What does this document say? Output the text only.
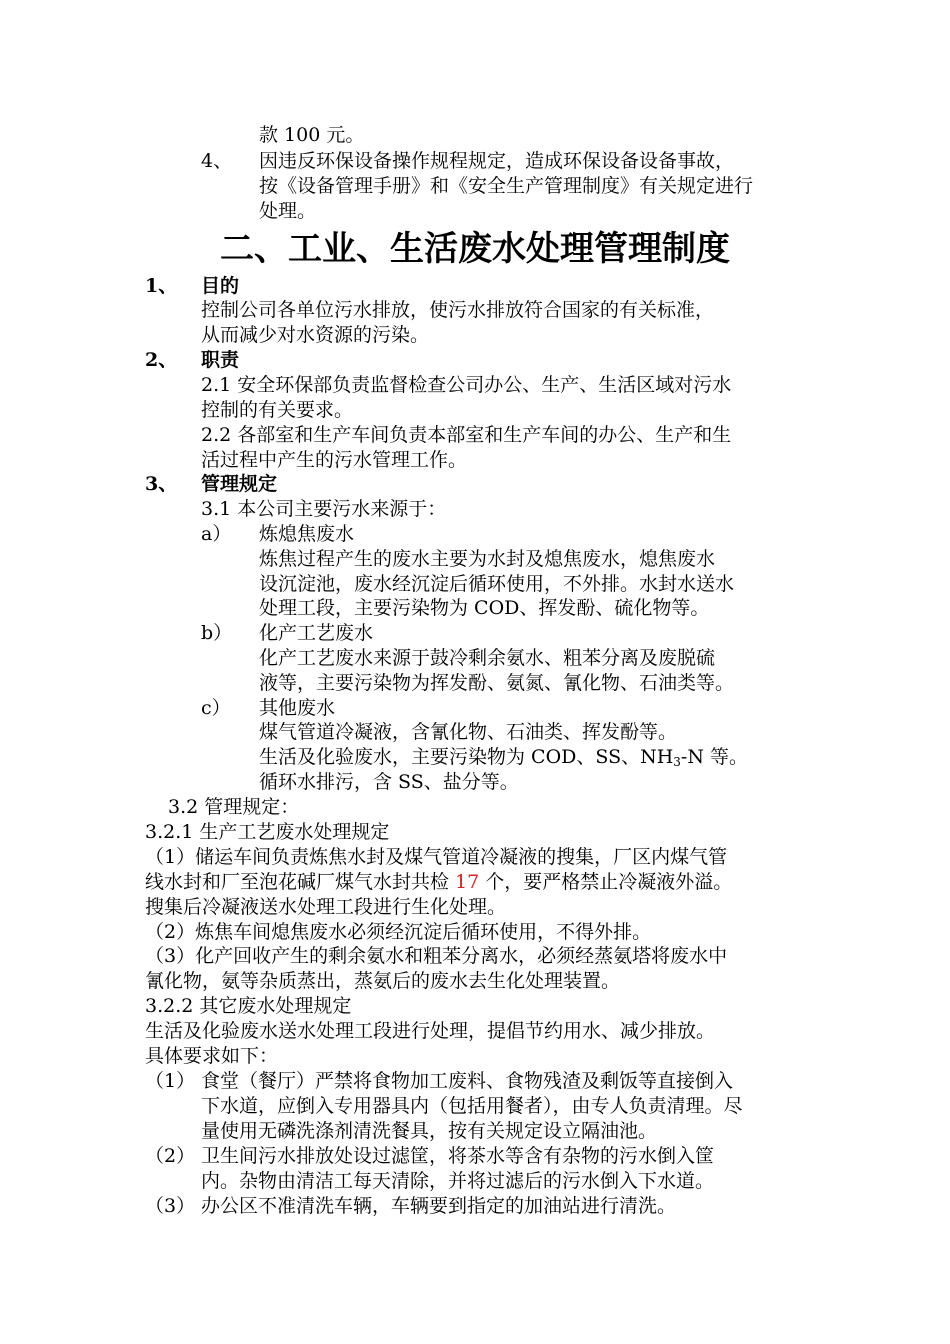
款 100 元。
4、 因违反环保设备操作规程规定，造成环保设备设备事故，
按《设备管理手册》和《安全生产管理制度》有关规定进行
处理。
二、工业、生活废水处理管理制度
1、 目的
控制公司各单位污水排放，使污水排放符合国家的有关标准，
从而减少对水资源的污染。
2、 职责
2.1 安全环保部负责监督检查公司办公、生产、生活区域对污水
控制的有关要求。
2.2 各部室和生产车间负责本部室和生产车间的办公、生产和生
活过程中产生的污水管理工作。
3、 管理规定
3.1 本公司主要污水来源于：
a） 炼熄焦废水
炼焦过程产生的废水主要为水封及熄焦废水，熄焦废水
设沉淀池，废水经沉淀后循环使用，不外排。水封水送水
处理工段，主要污染物为 COD、挥发酚、硫化物等。
b） 化产工艺废水
化产工艺废水来源于鼓冷剩余氨水、粗苯分离及废脱硫
液等，主要污染物为挥发酚、氨氮、氰化物、石油类等。
c） 其他废水
煤气管道冷凝液，含氰化物、石油类、挥发酚等。
生活及化验废水，主要污染物为 COD、SS、$NH_3-N$ 等。
循环水排污，含 SS、盐分等。
3.2 管理规定：
3.2.1 生产工艺废水处理规定
（1）储运车间负责炼焦水封及煤气管道冷凝液的搜集，厂区内煤气管
线水封和厂至泡花碱厂煤气水封共检 17 个，要严格禁止冷凝液外溢。
搜集后冷凝液送水处理工段进行生化处理。
（2）炼焦车间熄焦废水必须经沉淀后循环使用，不得外排。
（3）化产回收产生的剩余氨水和粗苯分离水，必须经蒸氨塔将废水中
氰化物，氨等杂质蒸出，蒸氨后的废水去生化处理装置。
3.2.2 其它废水处理规定
生活及化验废水送水处理工段进行处理，提倡节约用水、减少排放。
具体要求如下：
（1） 食堂（餐厅）严禁将食物加工废料、食物残渣及剩饭等直接倒入
下水道，应倒入专用器具内（包括用餐者），由专人负责清理。尽
量使用无磷洗涤剂清洗餐具，按有关规定设立隔油池。
（2） 卫生间污水排放处设过滤筐，将茶水等含有杂物的污水倒入筐
内。杂物由清洁工每天清除，并将过滤后的污水倒入下水道。
（3） 办公区不准清洗车辆，车辆要到指定的加油站进行清洗。
